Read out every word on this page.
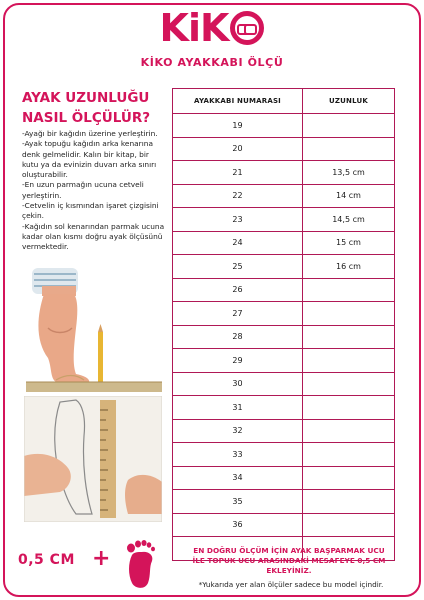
KiK
KİKO AYAKKABI ÖLÇÜ
AYAK UZUNLUĞU
NASIL ÖLÇÜLÜR?

-Ayağı bir kağıdın üzerine yerleştirin.

-Ayak topuğu kağıdın arka kenarına denk gelmelidir. Kalın bir kitap, bir kutu ya da evinizin duvarı arka sınırı oluşturabilir.

-En uzun parmağın ucuna cetveli yerleştirin.

-Cetvelin iç kısmından işaret çizgisini çekin.

-Kağıdın sol kenarından parmak ucuna kadar olan kısmı doğru ayak ölçüsünü vermektedir.

AYAKKABI NUMARASI	UZUNLUK
19	
20	
21	13,5 cm
22	14 cm
23	14,5 cm
24	15 cm
25	16 cm
26	
27	
28	
29	
30	
31	
32	
33	
34	
35	
36	

0,5 CM +	EN DOĞRU ÖLÇÜM İÇİN AYAK BAŞPARMAK UCU
İLE TOPUK UCU ARASINDAKİ MESAFEYE 0,5 CM
EKLEYİNİZ.
*Yukarıda yer alan ölçüler sadece bu model içindir.
